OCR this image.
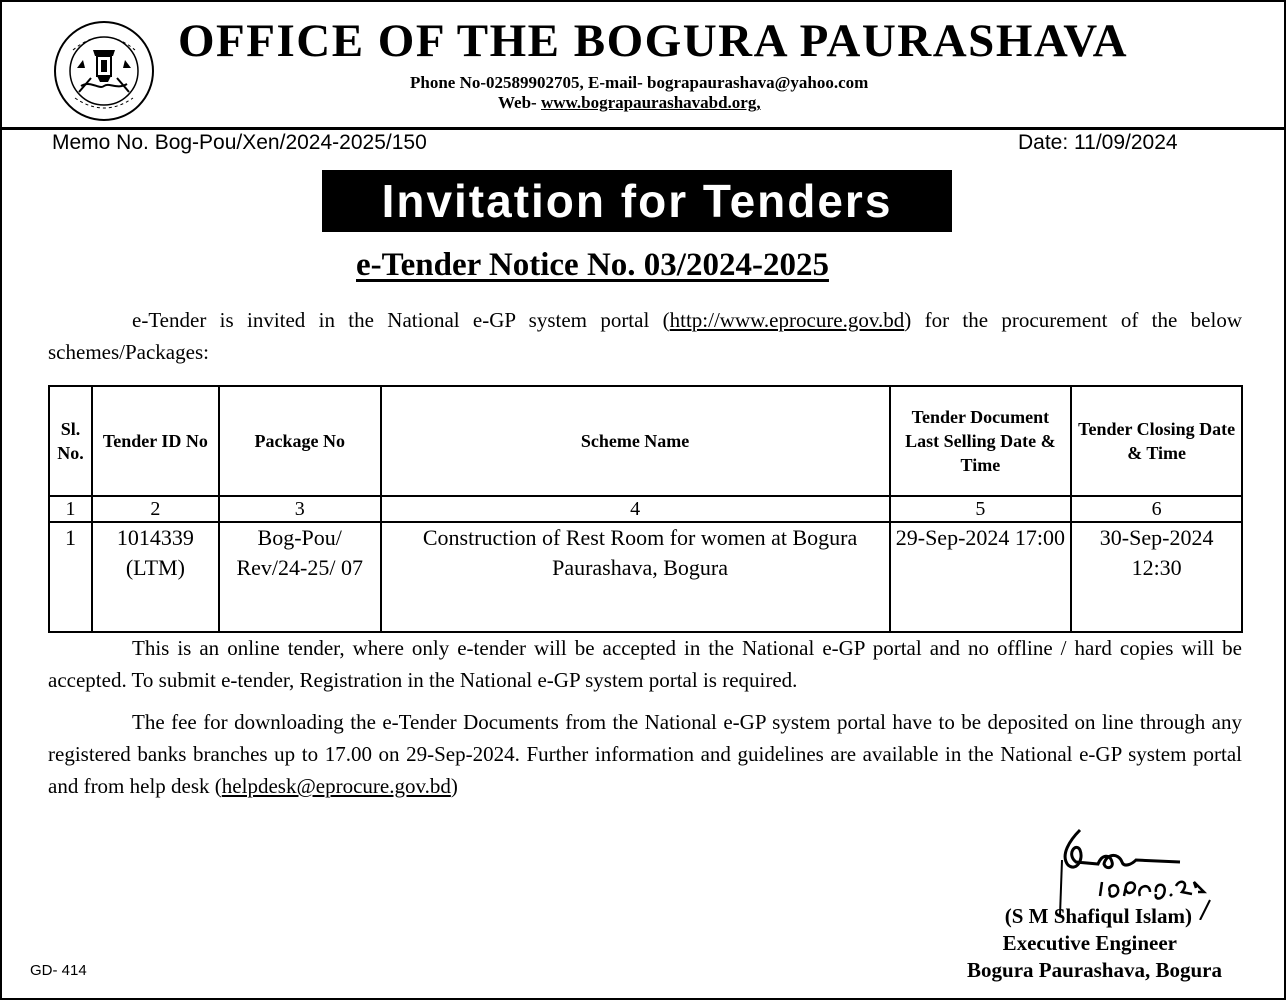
OFFICE OF THE BOGURA PAURASHAVA
Phone No-02589902705, E-mail- bograpaurashava@yahoo.com
Web- www.bograpaurashavabd.org,
Memo No. Bog-Pou/Xen/2024-2025/150	Date: 11/09/2024
Invitation for Tenders
e-Tender Notice No. 03/2024-2025
e-Tender is invited in the National e-GP system portal (http://www.eprocure.gov.bd) for the procurement of the below schemes/Packages:
Sl. No.	Tender ID No	Package No	Scheme Name	Tender Document Last Selling Date & Time	Tender Closing Date & Time
1	2	3	4	5	6
1	1014339 (LTM)	Bog-Pou/ Rev/24-25/ 07	Construction of Rest Room for women at Bogura Paurashava, Bogura	29-Sep-2024 17:00	30-Sep-2024 12:30
This is an online tender, where only e-tender will be accepted in the National e-GP portal and no offline / hard copies will be accepted. To submit e-tender, Registration in the National e-GP system portal is required.
The fee for downloading the e-Tender Documents from the National e-GP system portal have to be deposited on line through any registered banks branches up to 17.00 on 29-Sep-2024. Further information and guidelines are available in the National e-GP system portal and from help desk (helpdesk@eprocure.gov.bd)
(S M Shafiqul Islam)
Executive Engineer
Bogura Paurashava, Bogura
GD- 414
